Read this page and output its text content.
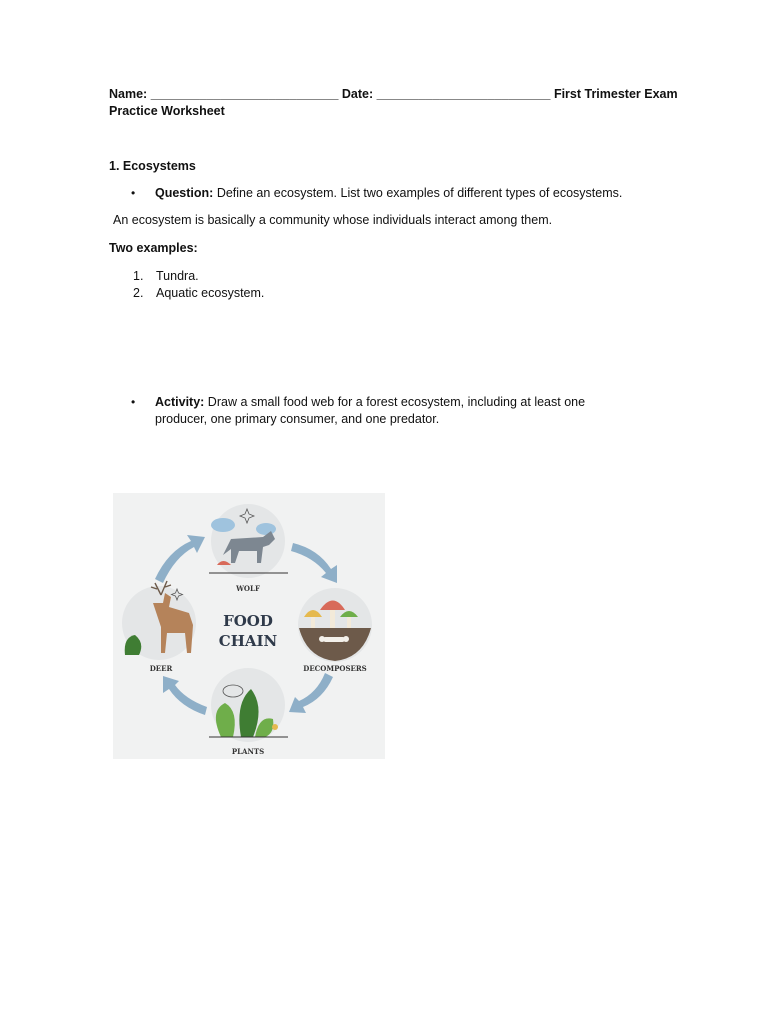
Name: ___________________________ Date: _________________________ First Trimester Exam
Practice Worksheet
1. Ecosystems
• Question: Define an ecosystem. List two examples of different types of ecosystems.
An ecosystem is basically a community whose individuals interact among them.
Two examples:
1. Tundra.
2. Aquatic ecosystem.
• Activity: Draw a small food web for a forest ecosystem, including at least one
producer, one primary consumer, and one predator.
WOLF
DECOMPOSERS
PLANTS
DEER
FOOD
CHAIN
